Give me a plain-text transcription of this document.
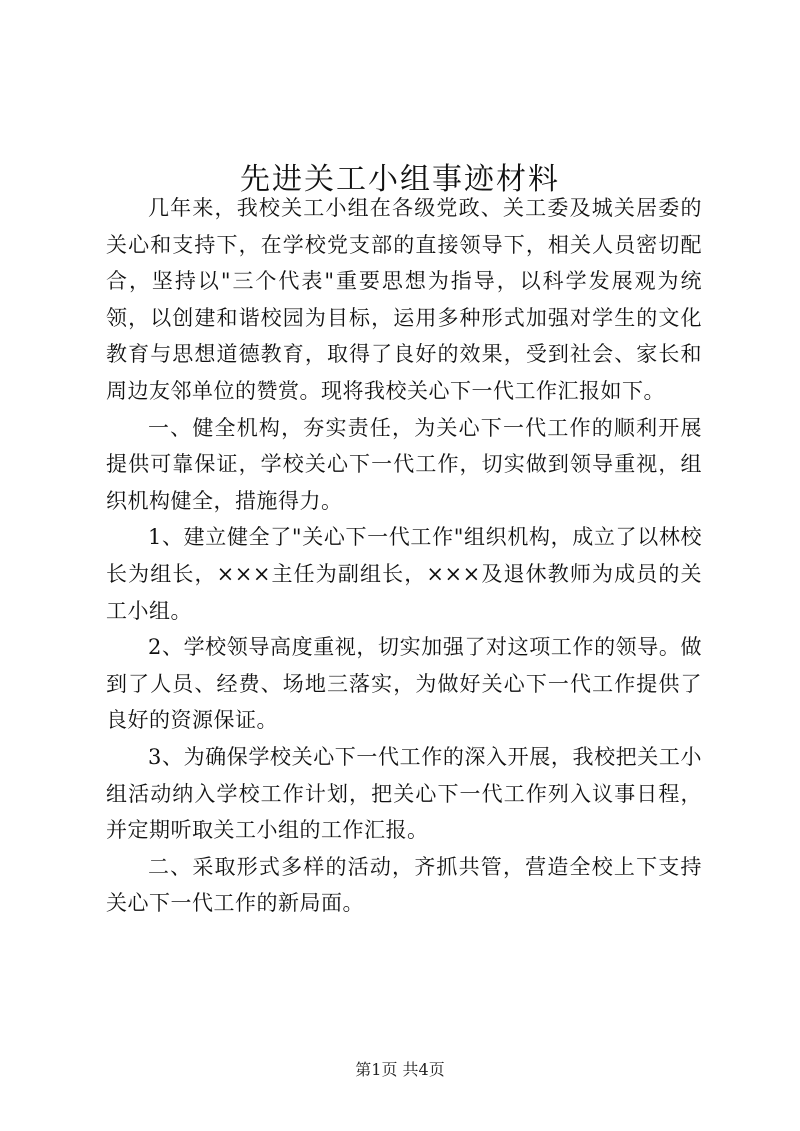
先进关工小组事迹材料

几年来，我校关工小组在各级党政、关工委及城关居委的关心和支持下，在学校党支部的直接领导下，相关人员密切配合，坚持以"三个代表"重要思想为指导，以科学发展观为统领，以创建和谐校园为目标，运用多种形式加强对学生的文化教育与思想道德教育，取得了良好的效果，受到社会、家长和周边友邻单位的赞赏。现将我校关心下一代工作汇报如下。

一、健全机构，夯实责任，为关心下一代工作的顺利开展提供可靠保证，学校关心下一代工作，切实做到领导重视，组织机构健全，措施得力。

1、建立健全了"关心下一代工作"组织机构，成立了以林校长为组长，×××主任为副组长，×××及退休教师为成员的关工小组。

2、学校领导高度重视，切实加强了对这项工作的领导。做到了人员、经费、场地三落实，为做好关心下一代工作提供了良好的资源保证。

3、为确保学校关心下一代工作的深入开展，我校把关工小组活动纳入学校工作计划，把关心下一代工作列入议事日程，并定期听取关工小组的工作汇报。

二、采取形式多样的活动，齐抓共管，营造全校上下支持关心下一代工作的新局面。

第1页 共4页
